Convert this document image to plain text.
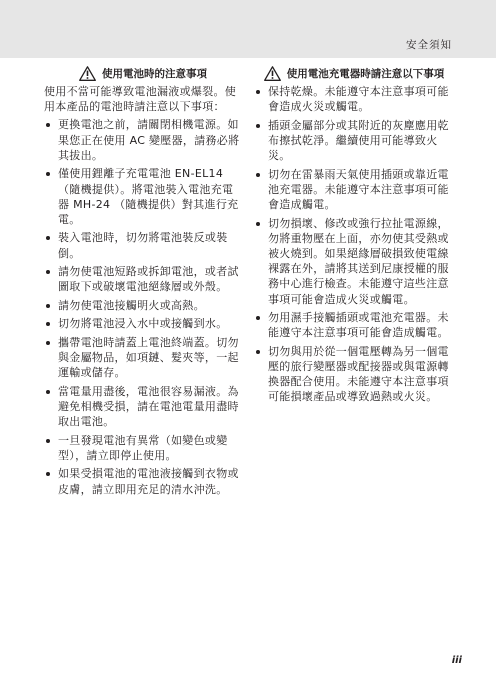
安全須知
使用電池時的注意事項

使用不當可能導致電池漏液或爆裂。使用本產品的電池時請注意以下事項：

更換電池之前，請關閉相機電源。如果您正在使用 AC 變壓器，請務必將其拔出。
僅使用鋰離子充電電池 EN-EL14（隨機提供）。將電池裝入電池充電器 MH-24 （隨機提供）對其進行充電。
裝入電池時，切勿將電池裝反或裝倒。
請勿使電池短路或拆卸電池，或者試圖取下或破壞電池絕緣層或外殼。
請勿使電池接觸明火或高熱。
切勿將電池浸入水中或接觸到水。
攜帶電池時請蓋上電池終端蓋。切勿與金屬物品，如項鏈、髮夾等，一起運輸或儲存。
當電量用盡後，電池很容易漏液。為避免相機受損，請在電池電量用盡時取出電池。
一旦發現電池有異常（如變色或變型），請立即停止使用。
如果受損電池的電池液接觸到衣物或皮膚，請立即用充足的清水沖洗。
使用電池充電器時請注意以下事項
保持乾燥。未能遵守本注意事項可能會造成火災或觸電。
插頭金屬部分或其附近的灰塵應用乾布擦拭乾淨。繼續使用可能導致火災。
切勿在雷暴雨天氣使用插頭或靠近電池充電器。未能遵守本注意事項可能會造成觸電。
切勿損壞、修改或強行拉扯電源線，勿將重物壓在上面，亦勿使其受熱或被火燒到。如果絕緣層破損致使電線裸露在外，請將其送到尼康授權的服務中心進行檢查。未能遵守這些注意事項可能會造成火災或觸電。
勿用濕手接觸插頭或電池充電器。未能遵守本注意事項可能會造成觸電。
切勿與用於從一個電壓轉為另一個電壓的旅行變壓器或配接器或與電源轉換器配合使用。未能遵守本注意事項可能損壞產品或導致過熱或火災。
iii
